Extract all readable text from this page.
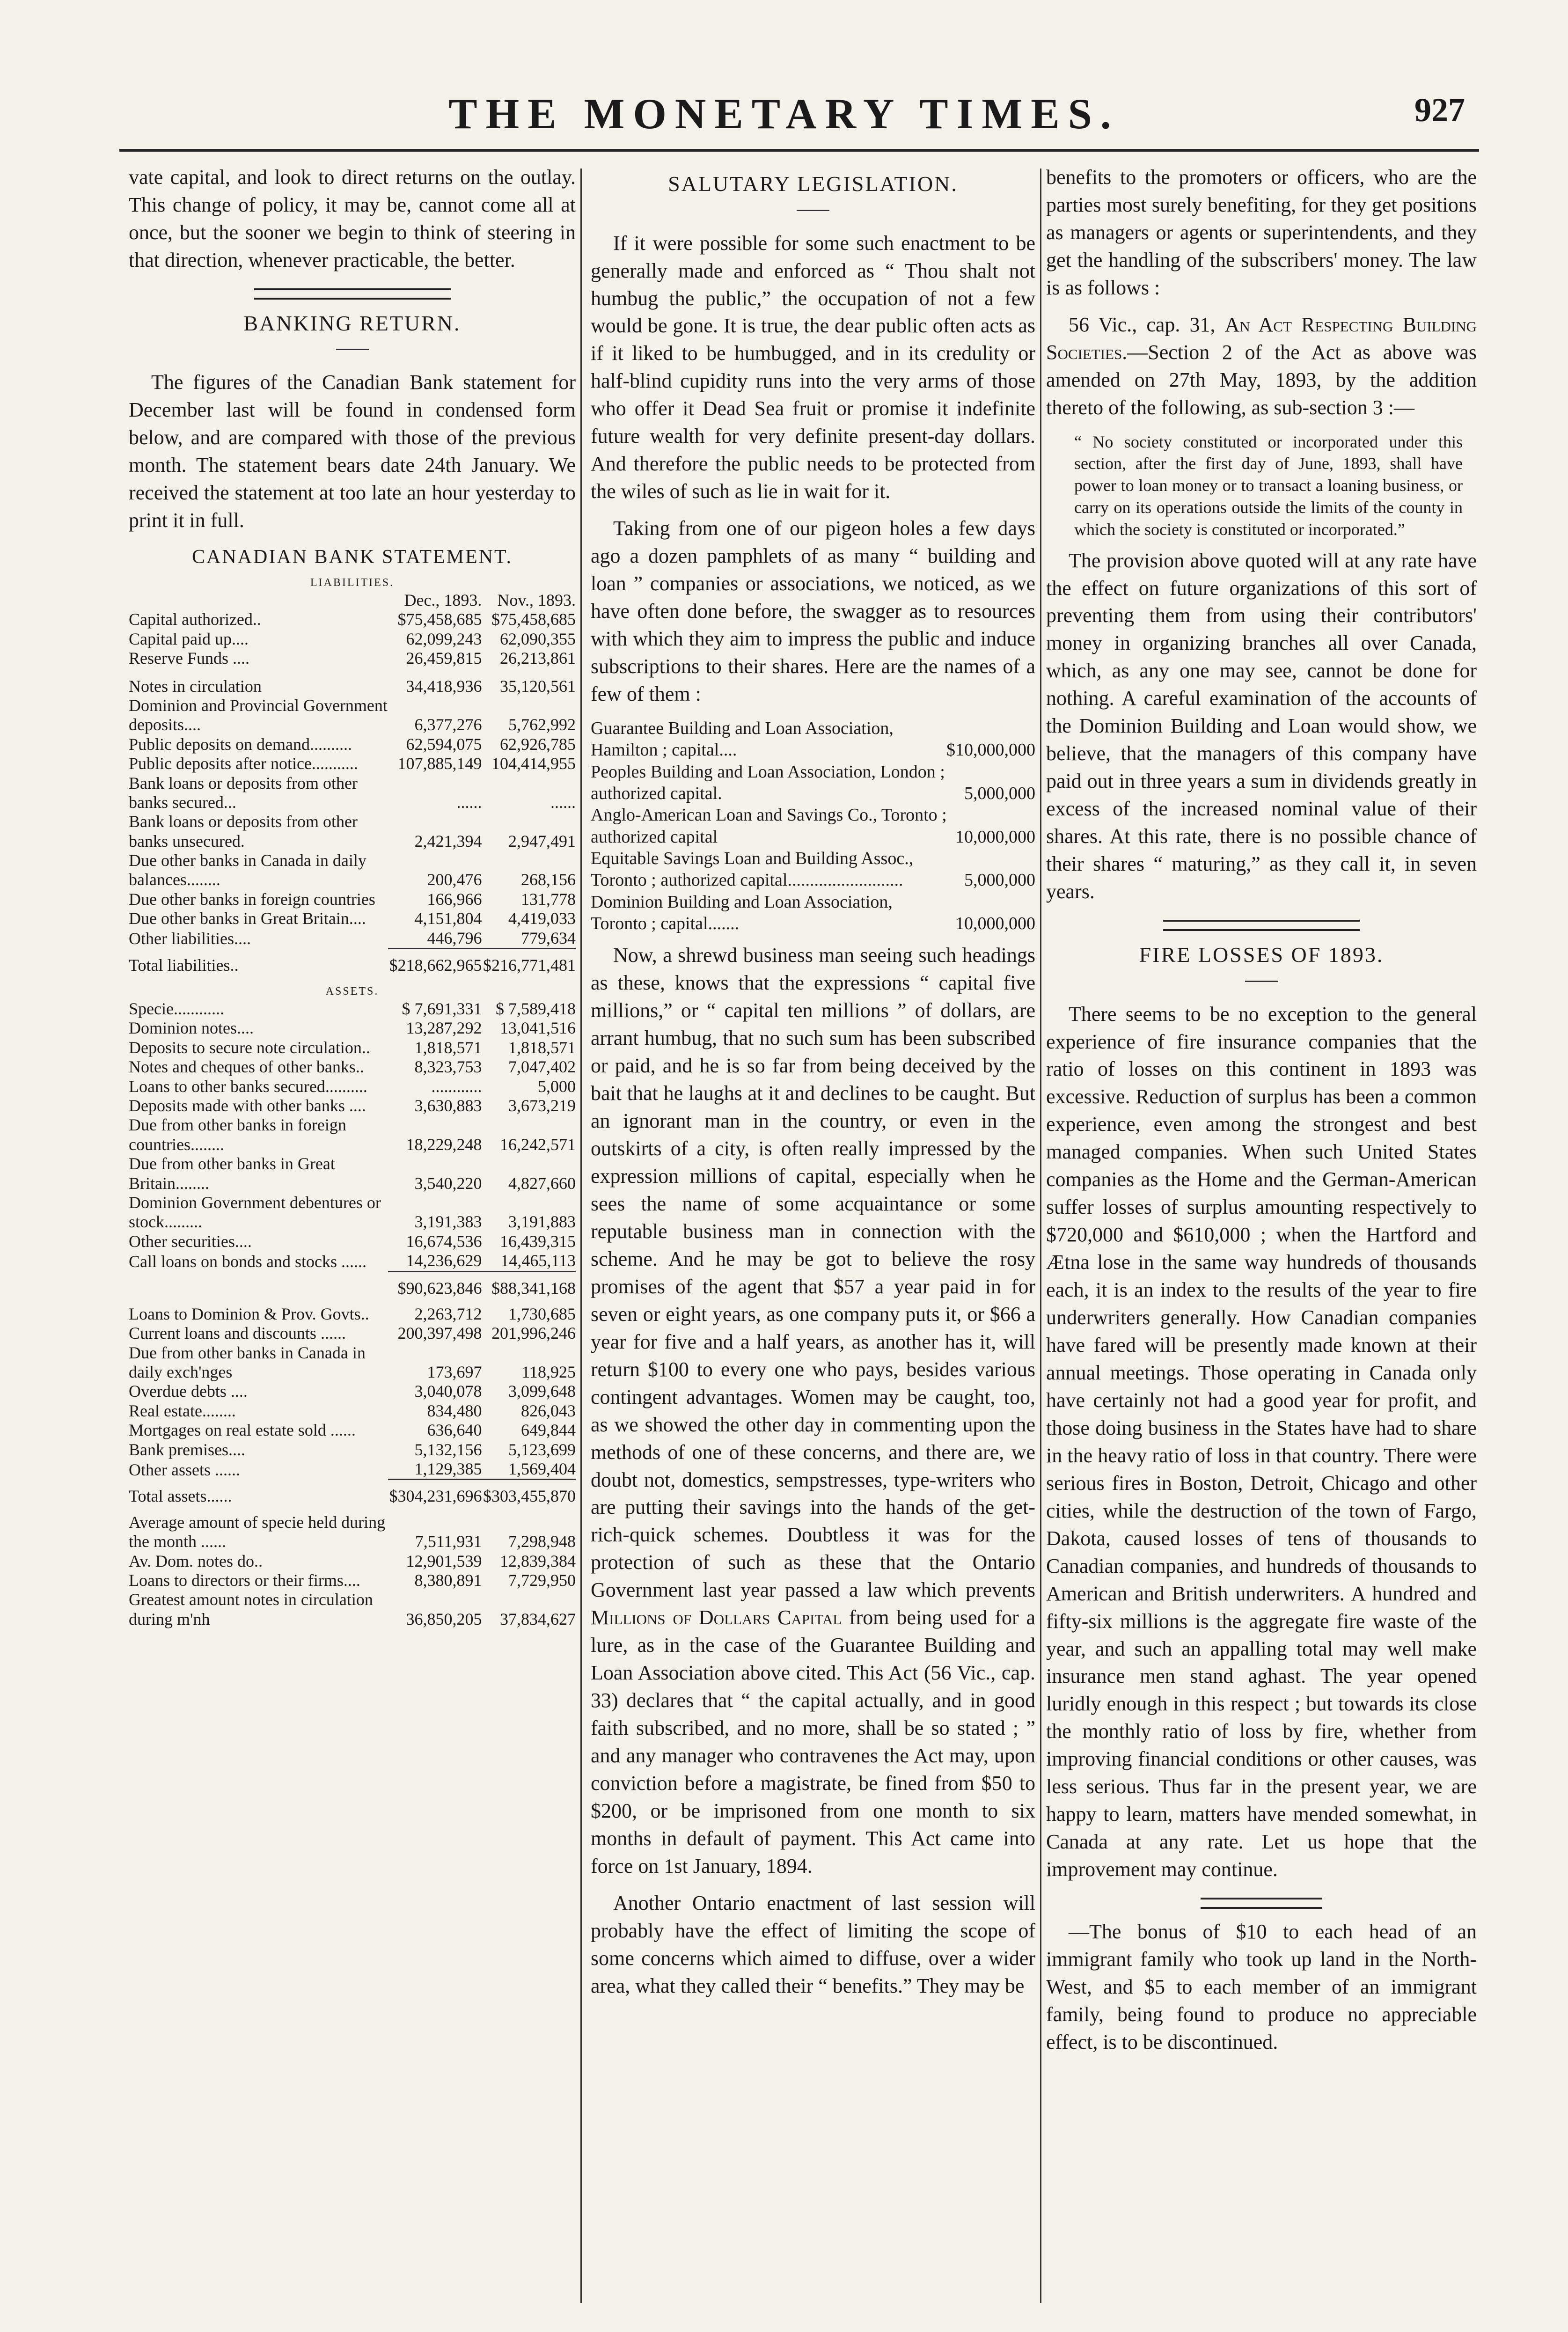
THE MONETARY TIMES.	927

vate capital, and look to direct returns on the outlay. This change of policy, it may be, cannot come all at once, but the sooner we begin to think of steering in that direction, whenever practicable, the better.

BANKING RETURN.

The figures of the Canadian Bank statement for December last will be found in condensed form below, and are compared with those of the previous month. The statement bears date 24th January. We received the statement at too late an hour yesterday to print it in full.

CANADIAN BANK STATEMENT.
LIABILITIES.		
	Dec., 1893.	Nov., 1893.
Capital authorized..	$75,458,685	$75,458,685
Capital paid up....	62,099,243	62,090,355
Reserve Funds ....	26,459,815	26,213,861
Notes in circulation	34,418,936	35,120,561
Dominion and Provincial Government deposits....	6,377,276	5,762,992
Public deposits on demand..........	62,594,075	62,926,785
Public deposits after notice...........	107,885,149	104,414,955
Bank loans or deposits from other banks secured...	......	......
Bank loans or deposits from other banks unsecured.	2,421,394	2,947,491
Due other banks in Canada in daily balances........	200,476	268,156
Due other banks in foreign countries	166,966	131,778
Due other banks in Great Britain....	4,151,804	4,419,033
Other liabilities....	446,796	779,634
Total liabilities..	$218,662,965	$216,771,481
ASSETS.		
Specie............	$ 7,691,331	$ 7,589,418
Dominion notes....	13,287,292	13,041,516
Deposits to secure note circulation..	1,818,571	1,818,571
Notes and cheques of other banks..	8,323,753	7,047,402
Loans to other banks secured..........	............	5,000
Deposits made with other banks ....	3,630,883	3,673,219
Due from other banks in foreign countries........	18,229,248	16,242,571
Due from other banks in Great Britain........	3,540,220	4,827,660
Dominion Government debentures or stock.........	3,191,383	3,191,883
Other securities....	16,674,536	16,439,315
Call loans on bonds and stocks ......	14,236,629	14,465,113
	$90,623,846	$88,341,168
Loans to Dominion & Prov. Govts..	2,263,712	1,730,685
Current loans and discounts ......	200,397,498	201,996,246
Due from other banks in Canada in daily exch'nges	173,697	118,925
Overdue debts ....	3,040,078	3,099,648
Real estate........	834,480	826,043
Mortgages on real estate sold ......	636,640	649,844
Bank premises....	5,132,156	5,123,699
Other assets ......	1,129,385	1,569,404
Total assets......	$304,231,696	$303,455,870
Average amount of specie held during the month ......	7,511,931	7,298,948
Av. Dom. notes do..	12,901,539	12,839,384
Loans to directors or their firms....	8,380,891	7,729,950
Greatest amount notes in circulation during m'nh	36,850,205	37,834,627
SALUTARY LEGISLATION.

If it were possible for some such enactment to be generally made and enforced as “ Thou shalt not humbug the public,” the occupation of not a few would be gone. It is true, the dear public often acts as if it liked to be humbugged, and in its credulity or half-blind cupidity runs into the very arms of those who offer it Dead Sea fruit or promise it indefinite future wealth for very definite present-day dollars. And therefore the public needs to be protected from the wiles of such as lie in wait for it.

Taking from one of our pigeon holes a few days ago a dozen pamphlets of as many “ building and loan ” companies or associations, we noticed, as we have often done before, the swagger as to resources with which they aim to impress the public and induce subscriptions to their shares. Here are the names of a few of them :

Guarantee Building and Loan Association, Hamilton ; capital....	$10,000,000
Peoples Building and Loan Association, London ; authorized capital.	5,000,000
Anglo-American Loan and Savings Co., Toronto ; authorized capital	10,000,000
Equitable Savings Loan and Building Assoc., Toronto ; authorized capital..........................	5,000,000
Dominion Building and Loan Association, Toronto ; capital.......	10,000,000

Now, a shrewd business man seeing such headings as these, knows that the expressions “ capital five millions,” or “ capital ten millions ” of dollars, are arrant humbug, that no such sum has been subscribed or paid, and he is so far from being deceived by the bait that he laughs at it and declines to be caught. But an ignorant man in the country, or even in the outskirts of a city, is often really impressed by the expression millions of capital, especially when he sees the name of some acquaintance or some reputable business man in connection with the scheme. And he may be got to believe the rosy promises of the agent that $57 a year paid in for seven or eight years, as one company puts it, or $66 a year for five and a half years, as another has it, will return $100 to every one who pays, besides various contingent advantages. Women may be caught, too, as we showed the other day in commenting upon the methods of one of these concerns, and there are, we doubt not, domestics, sempstresses, type-writers who are putting their savings into the hands of the get-rich-quick schemes. Doubtless it was for the protection of such as these that the Ontario Government last year passed a law which prevents Millions of Dollars Capital from being used for a lure, as in the case of the Guarantee Building and Loan Association above cited. This Act (56 Vic., cap. 33) declares that “ the capital actually, and in good faith subscribed, and no more, shall be so stated ; ” and any manager who contravenes the Act may, upon conviction before a magistrate, be fined from $50 to $200, or be imprisoned from one month to six months in default of payment. This Act came into force on 1st January, 1894.

Another Ontario enactment of last session will probably have the effect of limiting the scope of some concerns which aimed to diffuse, over a wider area, what they called their “ benefits.” They may be

benefits to the promoters or officers, who are the parties most surely benefiting, for they get positions as managers or agents or superintendents, and they get the handling of the subscribers' money. The law is as follows :

56 Vic., cap. 31, An Act Respecting Building Societies.—Section 2 of the Act as above was amended on 27th May, 1893, by the addition thereto of the following, as sub-section 3 :—

“ No society constituted or incorporated under this section, after the first day of June, 1893, shall have power to loan money or to transact a loaning business, or carry on its operations outside the limits of the county in which the society is constituted or incorporated.”

The provision above quoted will at any rate have the effect on future organizations of this sort of preventing them from using their contributors' money in organizing branches all over Canada, which, as any one may see, cannot be done for nothing. A careful examination of the accounts of the Dominion Building and Loan would show, we believe, that the managers of this company have paid out in three years a sum in dividends greatly in excess of the increased nominal value of their shares. At this rate, there is no possible chance of their shares “ maturing,” as they call it, in seven years.

FIRE LOSSES OF 1893.

There seems to be no exception to the general experience of fire insurance companies that the ratio of losses on this continent in 1893 was excessive. Reduction of surplus has been a common experience, even among the strongest and best managed companies. When such United States companies as the Home and the German-American suffer losses of surplus amounting respectively to $720,000 and $610,000 ; when the Hartford and Ætna lose in the same way hundreds of thousands each, it is an index to the results of the year to fire underwriters generally. How Canadian companies have fared will be presently made known at their annual meetings. Those operating in Canada only have certainly not had a good year for profit, and those doing business in the States have had to share in the heavy ratio of loss in that country. There were serious fires in Boston, Detroit, Chicago and other cities, while the destruction of the town of Fargo, Dakota, caused losses of tens of thousands to Canadian companies, and hundreds of thousands to American and British underwriters. A hundred and fifty-six millions is the aggregate fire waste of the year, and such an appalling total may well make insurance men stand aghast. The year opened luridly enough in this respect ; but towards its close the monthly ratio of loss by fire, whether from improving financial conditions or other causes, was less serious. Thus far in the present year, we are happy to learn, matters have mended somewhat, in Canada at any rate. Let us hope that the improvement may continue.

—The bonus of $10 to each head of an immigrant family who took up land in the North-West, and $5 to each member of an immigrant family, being found to produce no appreciable effect, is to be discontinued.
